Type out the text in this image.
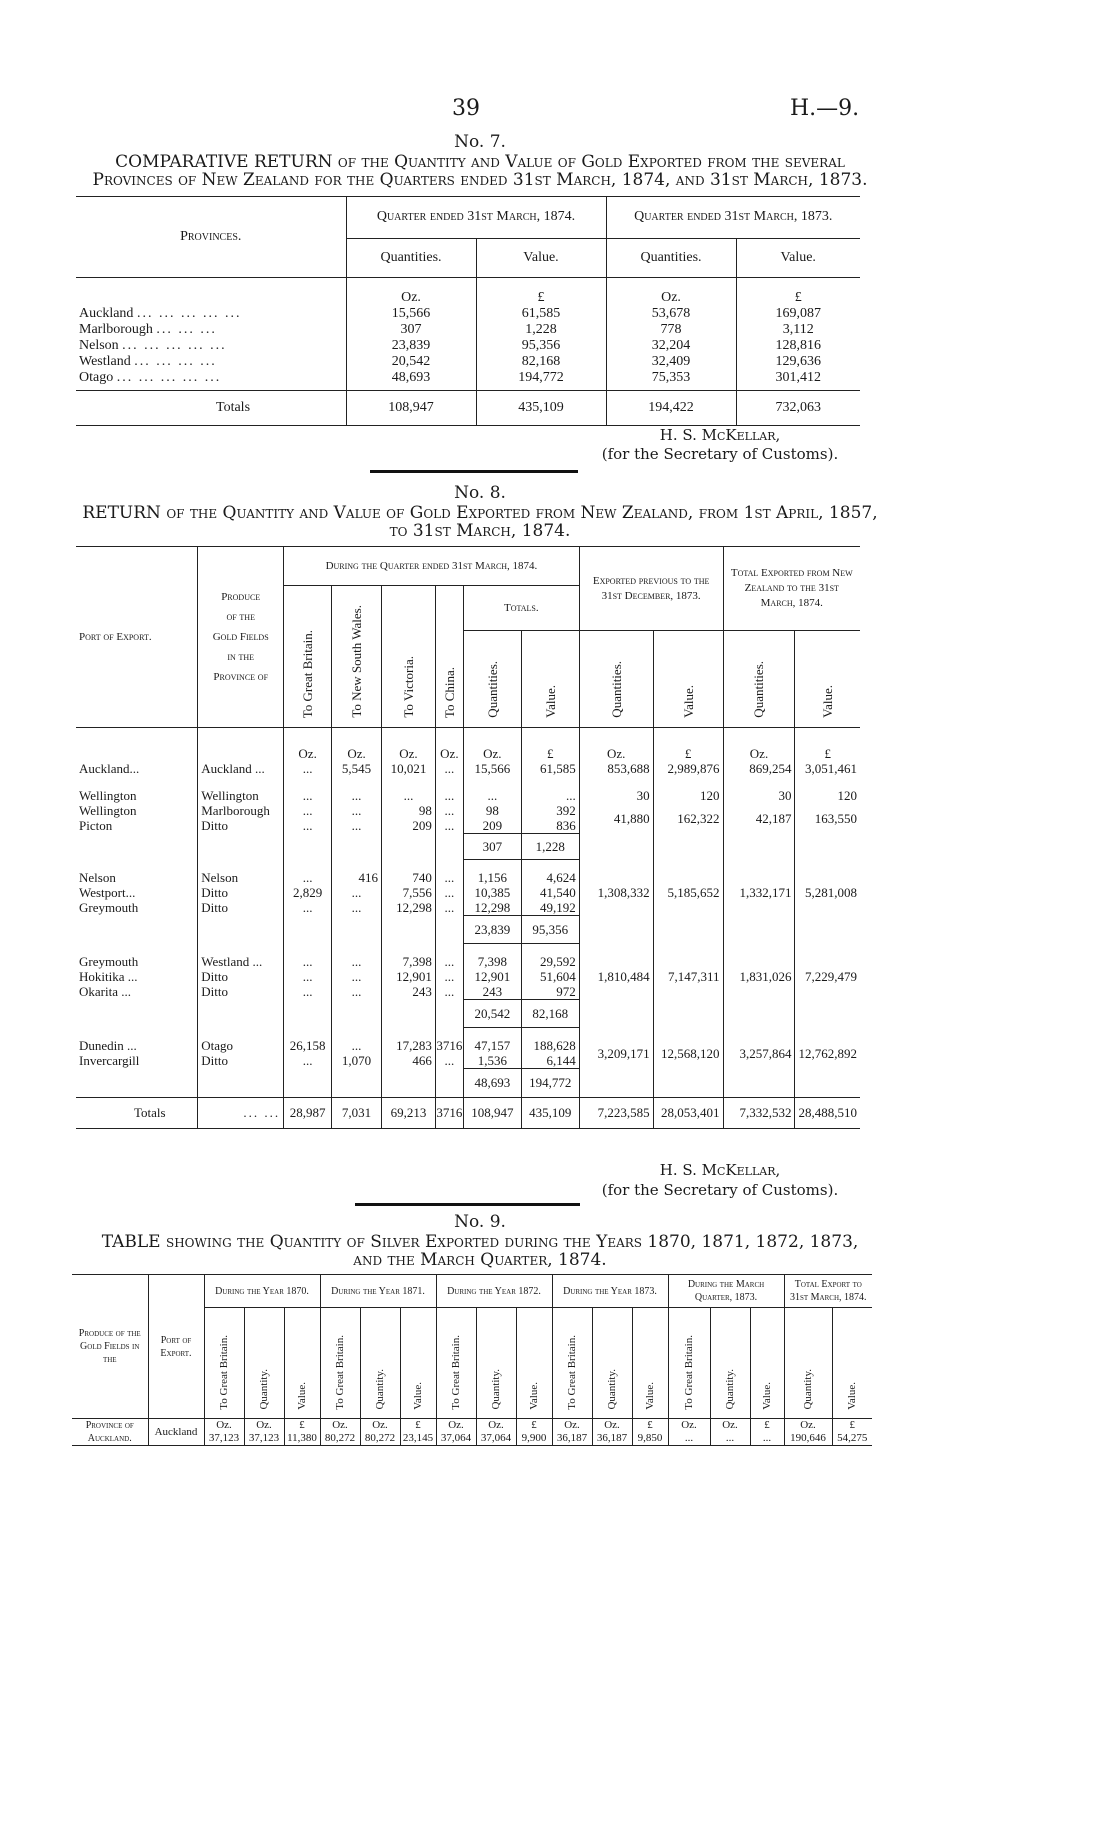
39	H.—9.
No. 7.
COMPARATIVE RETURN of the Quantity and Value of Gold Exported from the several
Provinces of New Zealand for the Quarters ended 31st March, 1874, and 31st March, 1873.
Provinces.	Quarter ended 31st March, 1874.		Quarter ended 31st March, 1873.	
	Quantities.	Value.	Quantities.	Value.
	Oz.	£	Oz.	£
Auckland ... ... ... ... ...	15,566	61,585	53,678	169,087
Marlborough ... ... ...	307	1,228	778	3,112
Nelson ... ... ... ... ...	23,839	95,356	32,204	128,816
Westland ... ... ... ...	20,542	82,168	32,409	129,636
Otago ... ... ... ... ...	48,693	194,772	75,353	301,412
Totals	108,947	435,109	194,422	732,063
H. S. McKellar,
(for the Secretary of Customs).
No. 8.
RETURN of the Quantity and Value of Gold Exported from New Zealand, from 1st April, 1857,
to 31st March, 1874.
Port of Export.	Produce
of the
Gold Fields
in the
Province of	During the Quarter ended 31st March, 1874.						Exported previous to the 31st December, 1873.		Total Exported from New Zealand to the 31st March, 1874.	
		To Great Britain.	To New South Wales.	To Victoria.	To China.	Totals.					
						Quantities.	Value.	Quantities.	Value.	Quantities.	Value.
		Oz.	Oz.	Oz.	Oz.	Oz.	£	Oz.	£	Oz.	£
Auckland...	Auckland ...	...	5,545	10,021	...	15,566	61,585	853,688	2,989,876	869,254	3,051,461
Wellington	Wellington	...	...	...	...	...	...	30	120	30	120
Wellington	Marlborough	...	...	98	...	98	392	41,880	162,322	42,187	163,550
Picton	Ditto	...	...	209	...	209	836				
						307	1,228				
Nelson	Nelson	...	416	740	...	1,156	4,624	1,308,332	5,185,652	1,332,171	5,281,008
Westport...	Ditto	2,829	...	7,556	...	10,385	41,540				
Greymouth	Ditto	...	...	12,298	...	12,298	49,192				
						23,839	95,356				
Greymouth	Westland ...	...	...	7,398	...	7,398	29,592	1,810,484	7,147,311	1,831,026	7,229,479
Hokitika ...	Ditto	...	...	12,901	...	12,901	51,604				
Okarita ...	Ditto	...	...	243	...	243	972				
						20,542	82,168				
Dunedin ...	Otago	26,158	...	17,283	3716	47,157	188,628	3,209,171	12,568,120	3,257,864	12,762,892
Invercargill	Ditto	...	1,070	466	...	1,536	6,144				
						48,693	194,772				
Totals	... ...	28,987	7,031	69,213	3716	108,947	435,109	7,223,585	28,053,401	7,332,532	28,488,510
H. S. McKellar,
(for the Secretary of Customs).
No. 9.
TABLE showing the Quantity of Silver Exported during the Years 1870, 1871, 1872, 1873,
and the March Quarter, 1874.
Produce of the Gold Fields in the	Port of Export.	During the Year 1870.			During the Year 1871.			During the Year 1872.			During the Year 1873.			During the March Quarter, 1873.			Total Export to 31st March, 1874.	
		To Great Britain.	Quantity.	Value.	To Great Britain.	Quantity.	Value.	To Great Britain.	Quantity.	Value.	To Great Britain.	Quantity.	Value.	To Great Britain.	Quantity.	Value.	Quantity.	Value.
Province of Auckland.	Auckland	Oz.	Oz.	£	Oz.	Oz.	£	Oz.	Oz.	£	Oz.	Oz.	£	Oz.	Oz.	£	Oz.	£
		37,123	37,123	11,380	80,272	80,272	23,145	37,064	37,064	9,900	36,187	36,187	9,850	...	...	...	190,646	54,275
